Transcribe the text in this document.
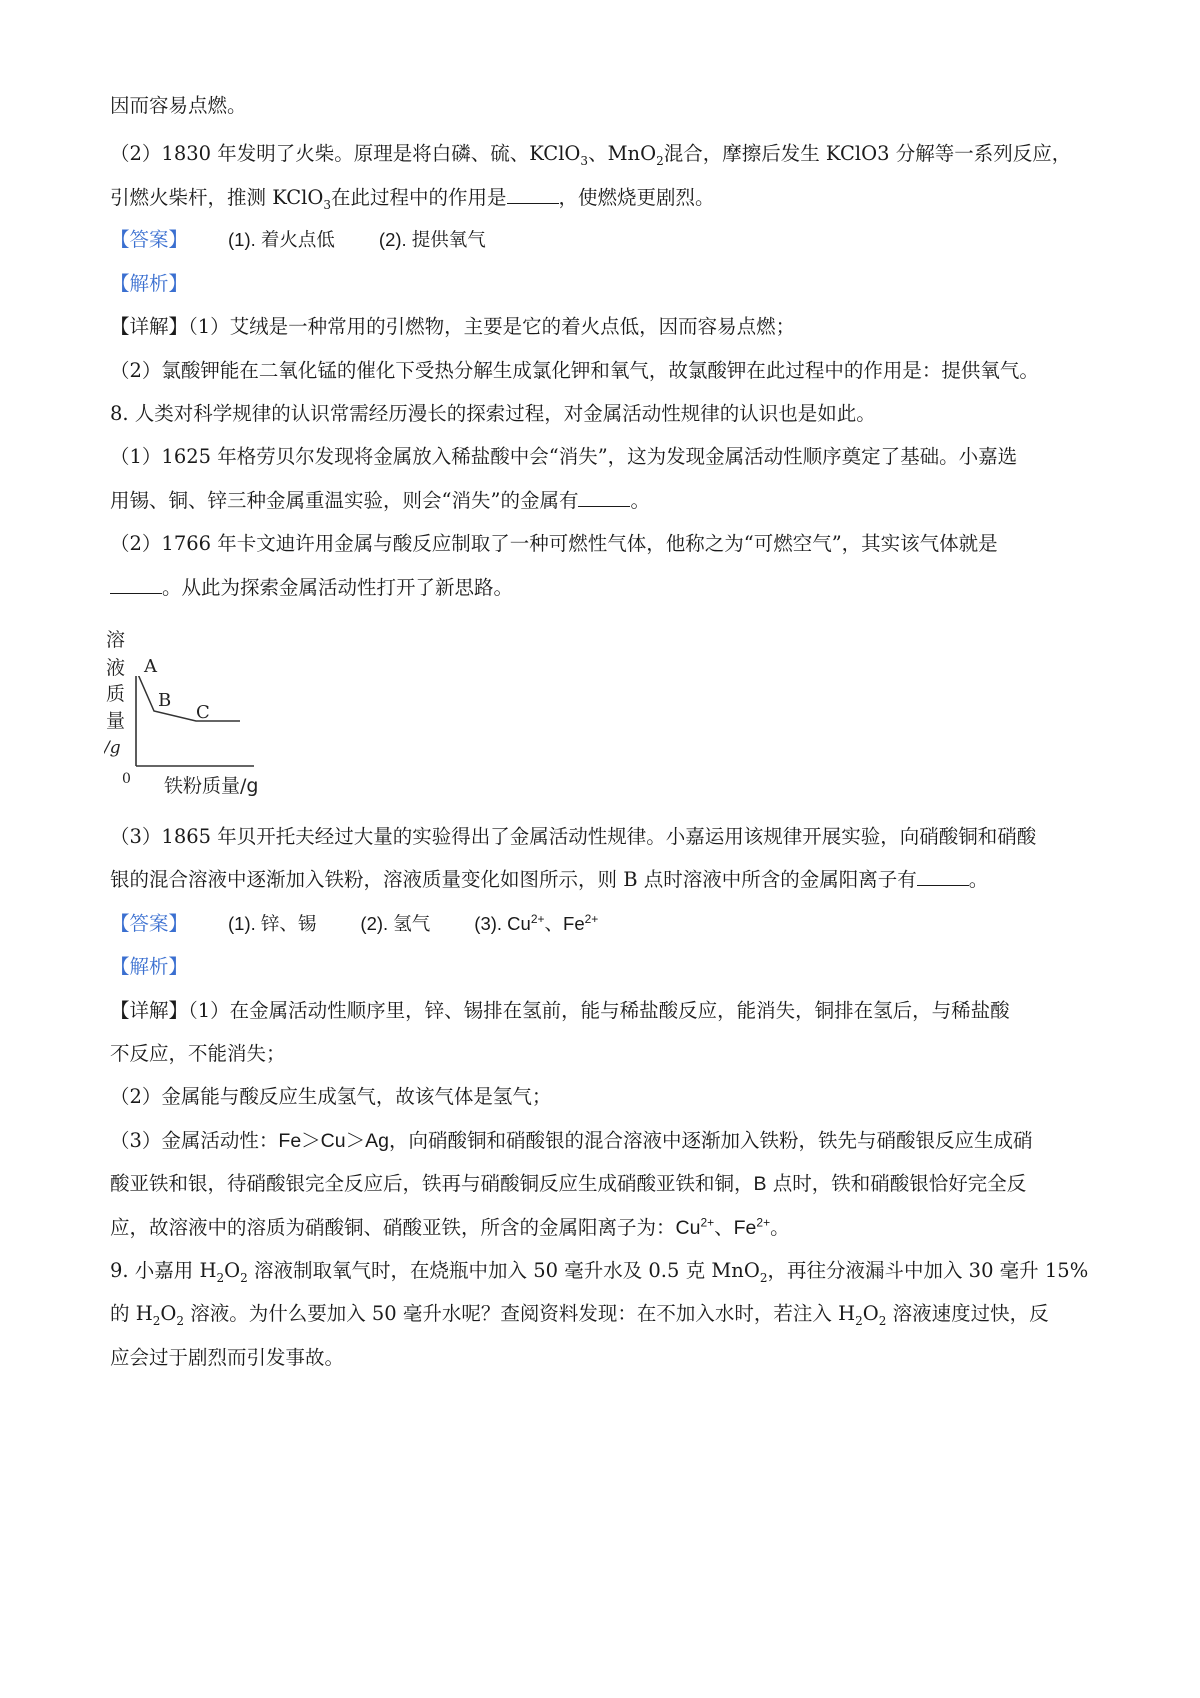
因而容易点燃。
（2）1830 年发明了火柴。原理是将白磷、硫、KClO$_3$、MnO$_2$混合，摩擦后发生 KClO3 分解等一系列反应，
引燃火柴杆，推测 KClO$_3$在此过程中的作用是	，使燃烧更剧烈。
【答案】 (1). 着火点低 (2). 提供氧气
【解析】
【详解】（1）艾绒是一种常用的引燃物，主要是它的着火点低，因而容易点燃；
（2）氯酸钾能在二氧化锰的催化下受热分解生成氯化钾和氧气，故氯酸钾在此过程中的作用是：提供氧气。
8. 人类对科学规律的认识常需经历漫长的探索过程，对金属活动性规律的认识也是如此。
（1）1625 年格劳贝尔发现将金属放入稀盐酸中会“消失”，这为发现金属活动性顺序奠定了基础。小嘉选
用锡、铜、锌三种金属重温实验，则会“消失”的金属有	。
（2）1766 年卡文迪许用金属与酸反应制取了一种可燃性气体，他称之为“可燃空气”，其实该气体就是
。从此为探索金属活动性打开了新思路。
溶
液
质
量
/g
0 铁粉质量/g
A
B
C
（3）1865 年贝开托夫经过大量的实验得出了金属活动性规律。小嘉运用该规律开展实验，向硝酸铜和硝酸
银的混合溶液中逐渐加入铁粉，溶液质量变化如图所示，则 B 点时溶液中所含的金属阳离子有	。
【答案】 (1). 锌、锡 (2). 氢气 (3). $Cu^{2+}$、$Fe^{2+}$
【解析】
【详解】（1）在金属活动性顺序里，锌、锡排在氢前，能与稀盐酸反应，能消失，铜排在氢后，与稀盐酸
不反应，不能消失；
（2）金属能与酸反应生成氢气，故该气体是氢气；
（3）金属活动性：Fe＞Cu＞Ag，向硝酸铜和硝酸银的混合溶液中逐渐加入铁粉，铁先与硝酸银反应生成硝
酸亚铁和银，待硝酸银完全反应后，铁再与硝酸铜反应生成硝酸亚铁和铜，B 点时，铁和硝酸银恰好完全反
应，故溶液中的溶质为硝酸铜、硝酸亚铁，所含的金属阳离子为：$Cu^{2+}$、$Fe^{2+}$。
9. 小嘉用 $H_2O_2$ 溶液制取氧气时，在烧瓶中加入 50 毫升水及 0.5 克 MnO$_2$，再往分液漏斗中加入 30 毫升 15%
的 $H_2O_2$ 溶液。为什么要加入 50 毫升水呢？查阅资料发现：在不加入水时，若注入 $H_2O_2$ 溶液速度过快，反
应会过于剧烈而引发事故。
